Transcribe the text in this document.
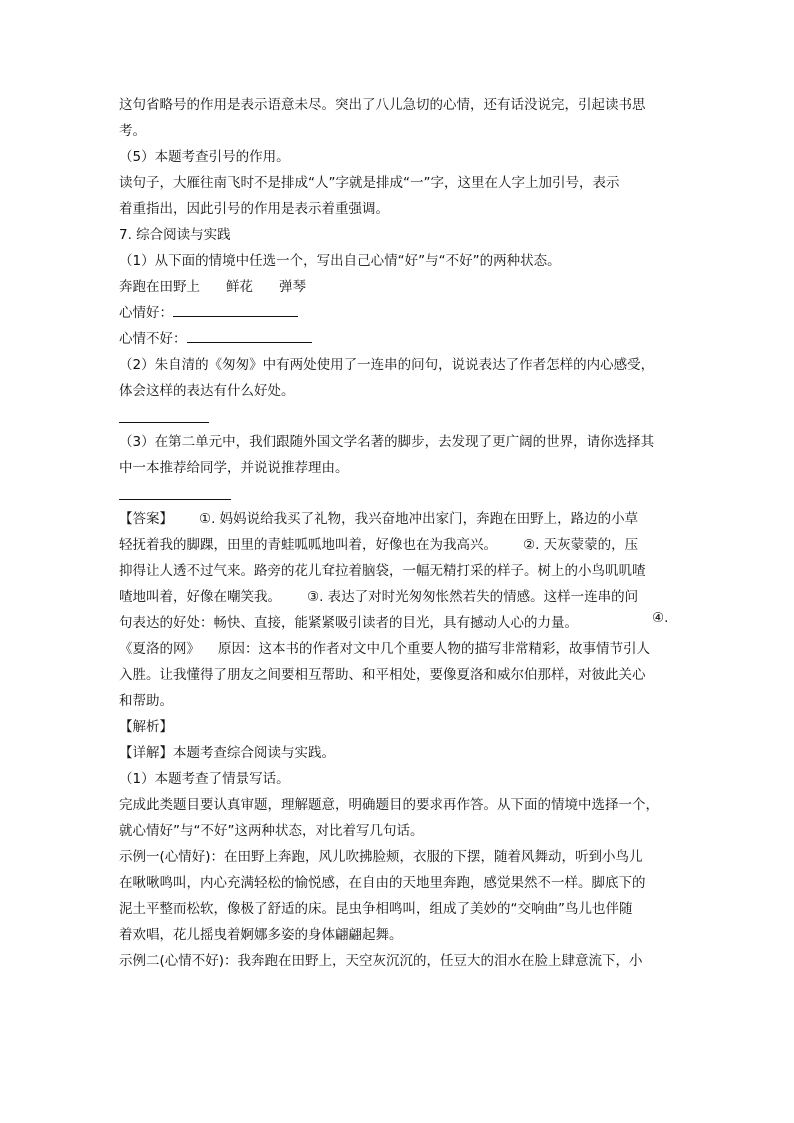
这句省略号的作用是表示语意未尽。突出了八儿急切的心情，还有话没说完，引起读书思

考。

（5）本题考查引号的作用。

读句子，大雁往南飞时不是排成“人”字就是排成“一”字，这里在人字上加引号，表示

着重指出，因此引号的作用是表示着重强调。

7. 综合阅读与实践

（1）从下面的情境中任选一个，写出自己心情“好”与“不好”的两种状态。

奔跑在田野上 鲜花 弹琴

心情好：

心情不好：

（2）朱自清的《匆匆》中有两处使用了一连串的问句，说说表达了作者怎样的内心感受，

体会这样的表达有什么好处。

（3）在第二单元中，我们跟随外国文学名著的脚步，去发现了更广阔的世界，请你选择其

中一本推荐给同学，并说说推荐理由。

【答案】 ①. 妈妈说给我买了礼物，我兴奋地冲出家门，奔跑在田野上，路边的小草

轻抚着我的脚踝，田里的青蛙呱呱地叫着，好像也在为我高兴。 ②. 天灰蒙蒙的，压

抑得让人透不过气来。路旁的花儿耷拉着脑袋，一幅无精打采的样子。树上的小鸟叽叽喳

喳地叫着，好像在嘲笑我。 ③. 表达了对时光匆匆怅然若失的情感。这样一连串的问

句表达的好处：畅快、直接，能紧紧吸引读者的目光，具有撼动人心的力量。

《夏洛的网》 原因：这本书的作者对文中几个重要人物的描写非常精彩，故事情节引人

入胜。让我懂得了朋友之间要相互帮助、和平相处，要像夏洛和威尔伯那样，对彼此关心

和帮助。

【解析】

【详解】本题考查综合阅读与实践。

（1）本题考查了情景写话。

完成此类题目要认真审题，理解题意，明确题目的要求再作答。从下面的情境中选择一个，

就心情好”与“不好”这两种状态，对比着写几句话。

示例一(心情好)：在田野上奔跑，风儿吹拂脸颊，衣服的下摆，随着风舞动，听到小鸟儿

在啾啾鸣叫，内心充满轻松的愉悦感，在自由的天地里奔跑，感觉果然不一样。脚底下的

泥土平整而松软，像极了舒适的床。昆虫争相鸣叫，组成了美妙的“交响曲”鸟儿也伴随

着欢唱，花儿摇曳着婀娜多姿的身体翩翩起舞。

示例二(心情不好)：我奔跑在田野上，天空灰沉沉的，任豆大的泪水在脸上肆意流下，小

④.
